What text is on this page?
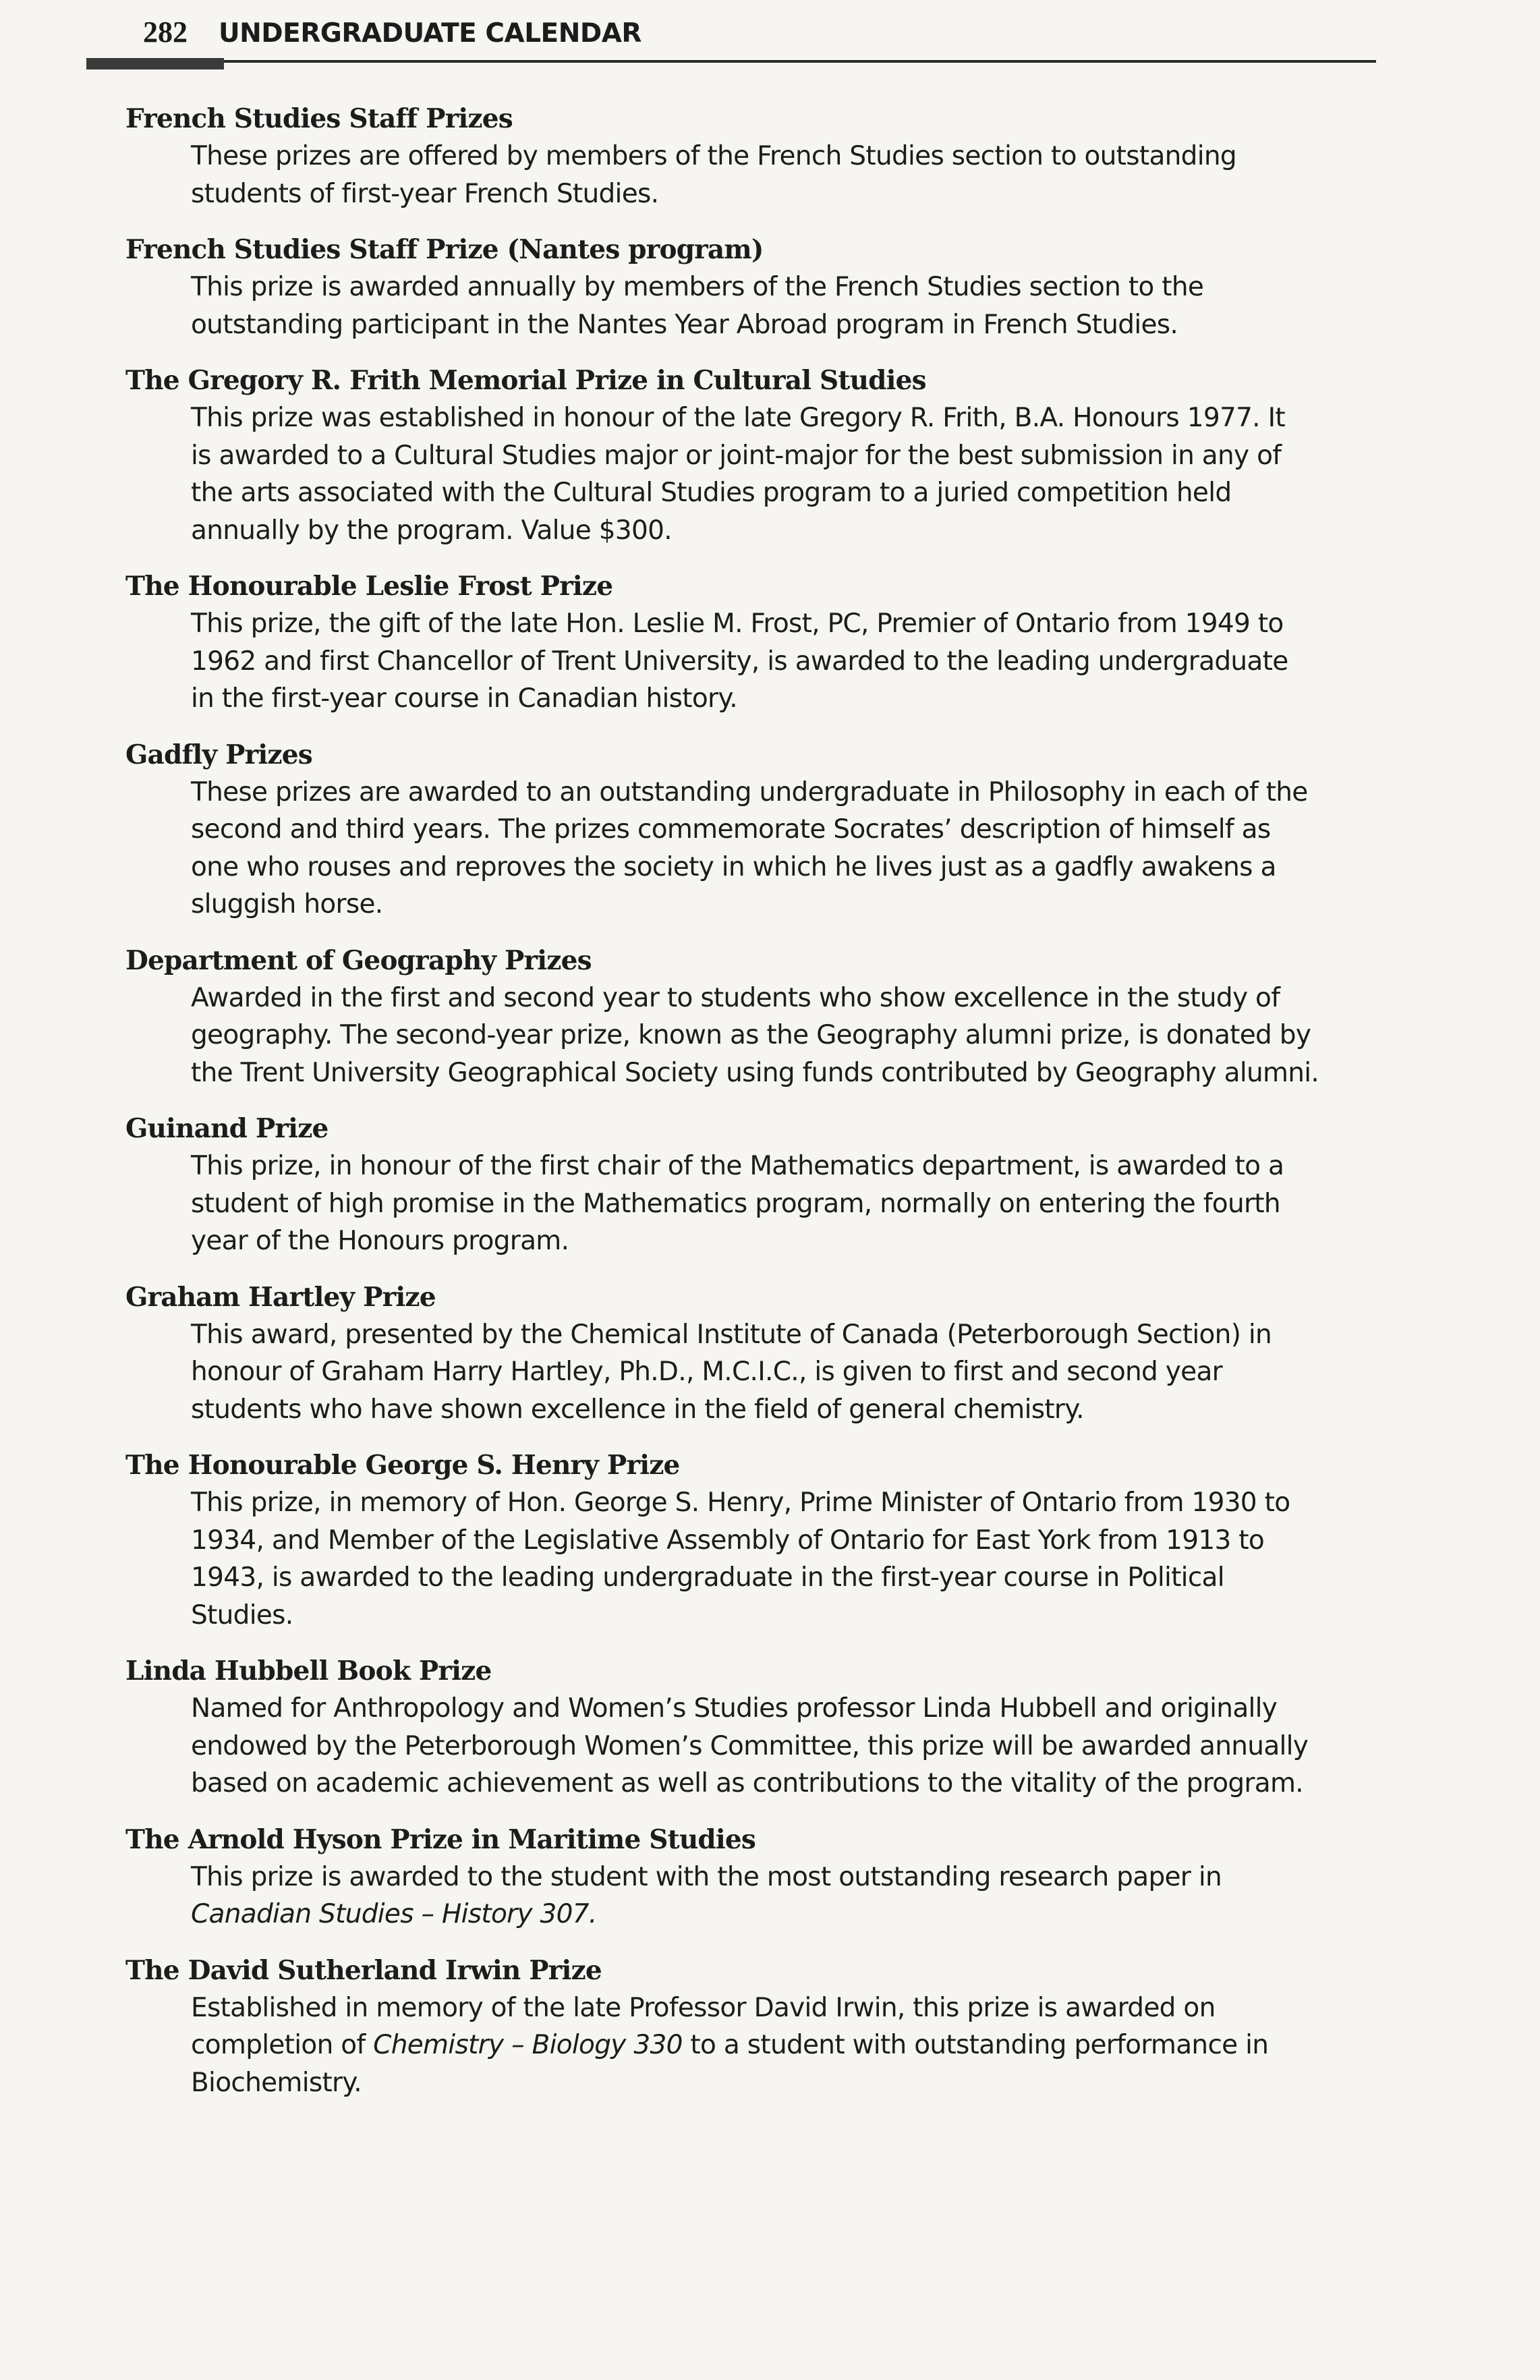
282 UNDERGRADUATE CALENDAR
French Studies Staff Prizes
These prizes are offered by members of the French Studies section to outstanding
students of first-year French Studies.
French Studies Staff Prize (Nantes program)
This prize is awarded annually by members of the French Studies section to the
outstanding participant in the Nantes Year Abroad program in French Studies.
The Gregory R. Frith Memorial Prize in Cultural Studies
This prize was established in honour of the late Gregory R. Frith, B.A. Honours 1977. It
is awarded to a Cultural Studies major or joint-major for the best submission in any of
the arts associated with the Cultural Studies program to a juried competition held
annually by the program. Value $300.
The Honourable Leslie Frost Prize
This prize, the gift of the late Hon. Leslie M. Frost, PC, Premier of Ontario from 1949 to
1962 and first Chancellor of Trent University, is awarded to the leading undergraduate
in the first-year course in Canadian history.
Gadfly Prizes
These prizes are awarded to an outstanding undergraduate in Philosophy in each of the
second and third years. The prizes commemorate Socrates’ description of himself as
one who rouses and reproves the society in which he lives just as a gadfly awakens a
sluggish horse.
Department of Geography Prizes
Awarded in the first and second year to students who show excellence in the study of
geography. The second-year prize, known as the Geography alumni prize, is donated by
the Trent University Geographical Society using funds contributed by Geography alumni.
Guinand Prize
This prize, in honour of the first chair of the Mathematics department, is awarded to a
student of high promise in the Mathematics program, normally on entering the fourth
year of the Honours program.
Graham Hartley Prize
This award, presented by the Chemical Institute of Canada (Peterborough Section) in
honour of Graham Harry Hartley, Ph.D., M.C.I.C., is given to first and second year
students who have shown excellence in the field of general chemistry.
The Honourable George S. Henry Prize
This prize, in memory of Hon. George S. Henry, Prime Minister of Ontario from 1930 to
1934, and Member of the Legislative Assembly of Ontario for East York from 1913 to
1943, is awarded to the leading undergraduate in the first-year course in Political
Studies.
Linda Hubbell Book Prize
Named for Anthropology and Women’s Studies professor Linda Hubbell and originally
endowed by the Peterborough Women’s Committee, this prize will be awarded annually
based on academic achievement as well as contributions to the vitality of the program.
The Arnold Hyson Prize in Maritime Studies
This prize is awarded to the student with the most outstanding research paper in
Canadian Studies – History 307.
The David Sutherland Irwin Prize
Established in memory of the late Professor David Irwin, this prize is awarded on
completion of Chemistry – Biology 330 to a student with outstanding performance in
Biochemistry.
